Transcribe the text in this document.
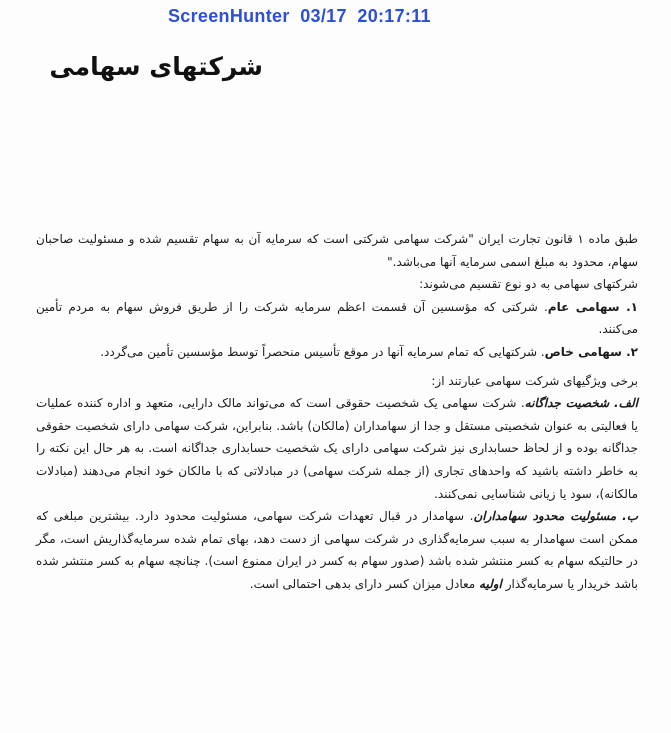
ScreenHunter  03/17  20:17:11
شرکتهای سهامی

طبق ماده ۱ قانون تجارت ایران "شرکت سهامی شرکتی است که سرمایه آن به سهام تقسیم شده و مسئولیت صاحبان سهام، محدود به مبلغ اسمی سرمایه آنها می‌باشد."

شرکتهای سهامی به دو نوع تقسیم می‌شوند:

۱. سهامی عام. شرکتی که مؤسسین آن قسمت اعظم سرمایه شرکت را از طریق فروش سهام به مردم تأمین می‌کنند.

۲. سهامی خاص. شرکتهایی که تمام سرمایه آنها در موقع تأسیس منحصراً توسط مؤسسین تأمین می‌گردد.

برخی ویژگیهای شرکت سهامی عبارتند از:

الف. شخصیت جداگانه. شرکت سهامی یک شخصیت حقوقی است که می‌تواند مالک دارایی، متعهد و اداره کننده عملیات یا فعالیتی به عنوان شخصیتی مستقل و جدا از سهامداران (مالکان) باشد. بنابراین، شرکت سهامی دارای شخصیت حقوقی جداگانه بوده و از لحاظ حسابداری نیز شرکت سهامی دارای یک شخصیت حسابداری جداگانه است. به هر حال این نکته را به خاطر داشته باشید که واحدهای تجاری (از جمله شرکت سهامی) در مبادلاتی که با مالکان خود انجام می‌دهند (مبادلات مالکانه)، سود یا زیانی شناسایی نمی‌کنند.

ب. مسئولیت محدود سهامداران. سهامدار در قبال تعهدات شرکت سهامی، مسئولیت محدود دارد. بیشترین مبلغی که ممکن است سهامدار به سبب سرمایه‌گذاری در شرکت سهامی از دست دهد، بهای تمام شده سرمایه‌گذاریش است، مگر در حالتیکه سهام به کسر منتشر شده باشد (صدور سهام به کسر در ایران ممنوع است). چنانچه سهام به کسر منتشر شده باشد خریدار یا سرمایه‌گذار اولیه معادل میزان کسر دارای بدهی احتمالی است.
